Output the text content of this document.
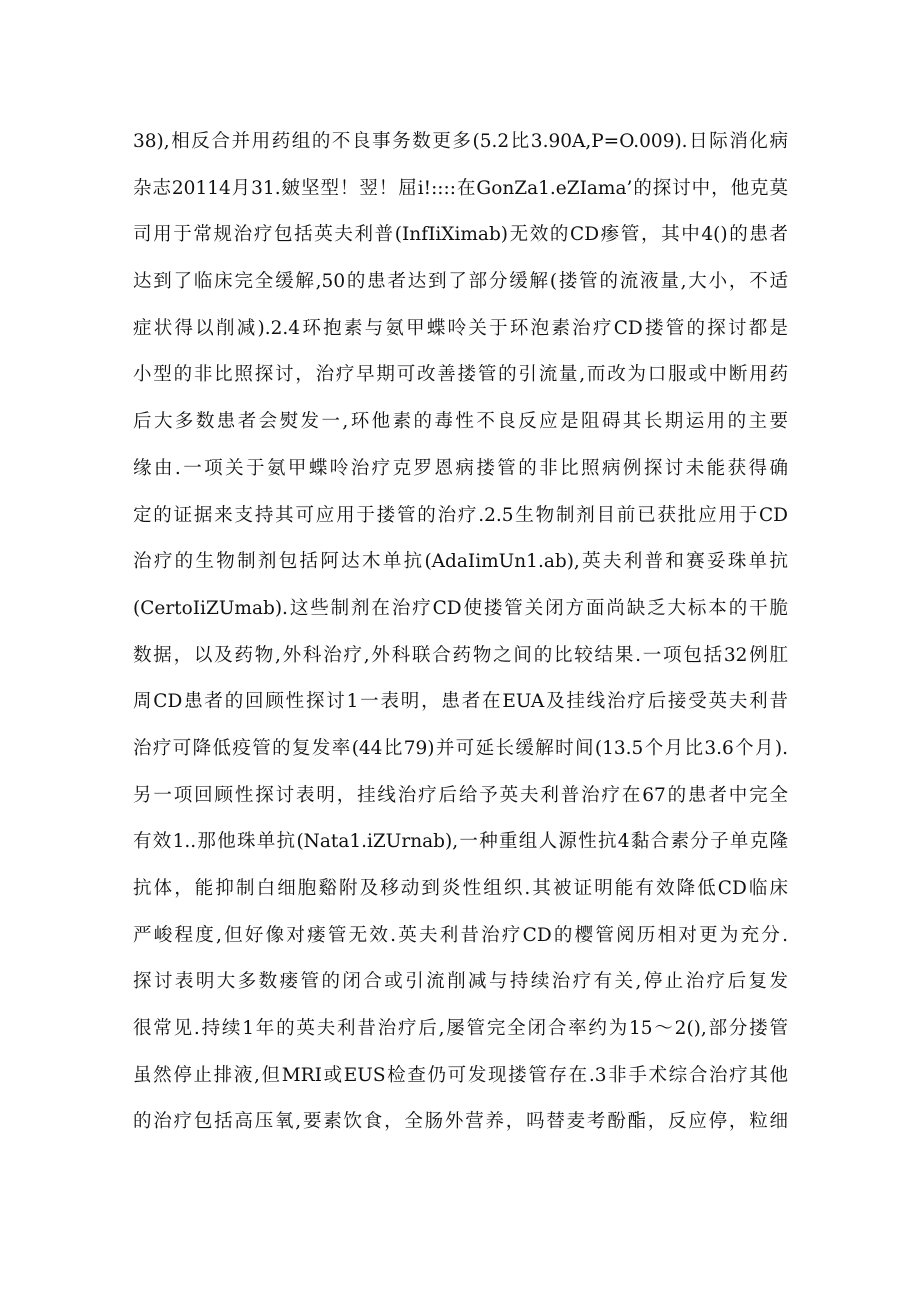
38),相反合并用药组的不良事务数更多(5.2比3.90A,P=O.009).日际消化病
杂志20114月31.皴坚型！翌！屈i!::::在GonZa1.eZIama’的探讨中，他克莫
司用于常规治疗包括英夫利普(InfIiXimab)无效的CD瘆管，其中4()的患者
达到了临床完全缓解,50的患者达到了部分缓解(搂管的流液量,大小，不适
症状得以削减).2.4环抱素与氨甲蝶呤关于环泡素治疗CD搂管的探讨都是
小型的非比照探讨，治疗早期可改善搂管的引流量,而改为口服或中断用药
后大多数患者会熨发一,环他素的毒性不良反应是阻碍其长期运用的主要
缘由.一项关于氨甲蝶呤治疗克罗恩病搂管的非比照病例探讨未能获得确
定的证据来支持其可应用于搂管的治疗.2.5生物制剂目前已获批应用于CD
治疗的生物制剂包括阿达木单抗(AdaIimUn1.ab),英夫利普和赛妥珠单抗
(CertoIiZUmab).这些制剂在治疗CD使搂管关闭方面尚缺乏大标本的干脆
数据，以及药物,外科治疗,外科联合药物之间的比较结果.一项包括32例肛
周CD患者的回顾性探讨1一表明，患者在EUA及挂线治疗后接受英夫利昔
治疗可降低疫管的复发率(44比79)并可延长缓解时间(13.5个月比3.6个月).
另一项回顾性探讨表明，挂线治疗后给予英夫利普治疗在67的患者中完全
有效1..那他珠单抗(Nata1.iZUrnab),一种重组人源性抗4黏合素分子单克隆
抗体，能抑制白细胞谿附及移动到炎性组织.其被证明能有效降低CD临床
严峻程度,但好像对瘘管无效.英夫利昔治疗CD的樱管阅历相对更为充分.
探讨表明大多数瘘管的闭合或引流削减与持续治疗有关,停止治疗后复发
很常见.持续1年的英夫利昔治疗后,屡管完全闭合率约为15～2(),部分搂管
虽然停止排液,但MRI或EUS检查仍可发现搂管存在.3非手术综合治疗其他
的治疗包括高压氧,要素饮食，全肠外营养，吗替麦考酚酯，反应停，粒细
